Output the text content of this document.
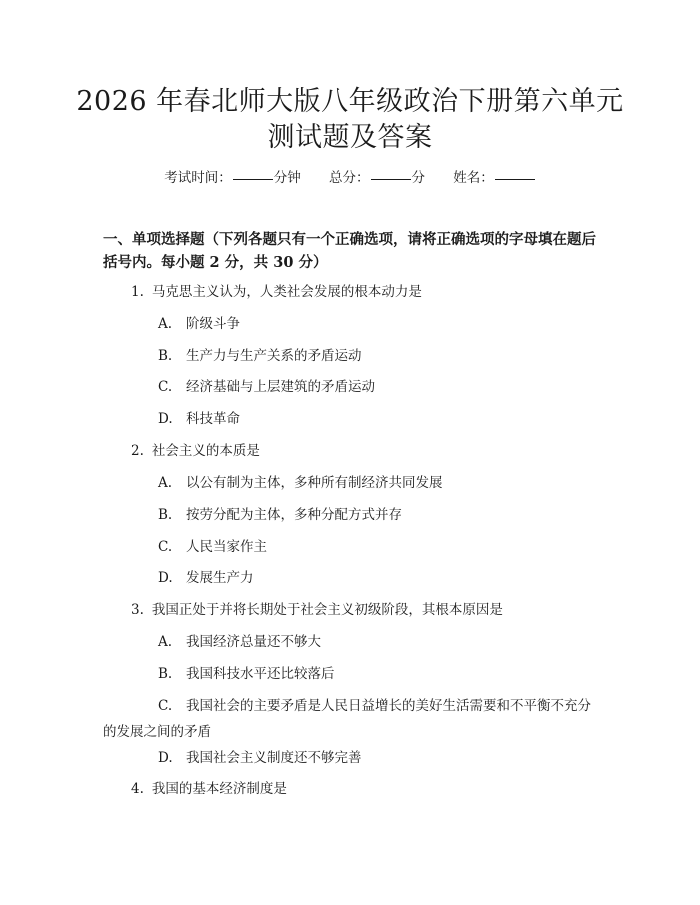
2026 年春北师大版八年级政治下册第六单元
测试题及答案
考试时间：	分钟 总分：	分 姓名：

一、单项选择题（下列各题只有一个正确选项，请将正确选项的字母填在题后括号内。每小题 2 分，共 30 分）

1. 马克思主义认为，人类社会发展的根本动力是
A. 阶级斗争
B. 生产力与生产关系的矛盾运动
C. 经济基础与上层建筑的矛盾运动
D. 科技革命
2. 社会主义的本质是
A. 以公有制为主体，多种所有制经济共同发展
B. 按劳分配为主体，多种分配方式并存
C. 人民当家作主
D. 发展生产力
3. 我国正处于并将长期处于社会主义初级阶段，其根本原因是
A. 我国经济总量还不够大
B. 我国科技水平还比较落后
C. 我国社会的主要矛盾是人民日益增长的美好生活需要和不平衡不充分的发展之间的矛盾
D. 我国社会主义制度还不够完善
4. 我国的基本经济制度是
